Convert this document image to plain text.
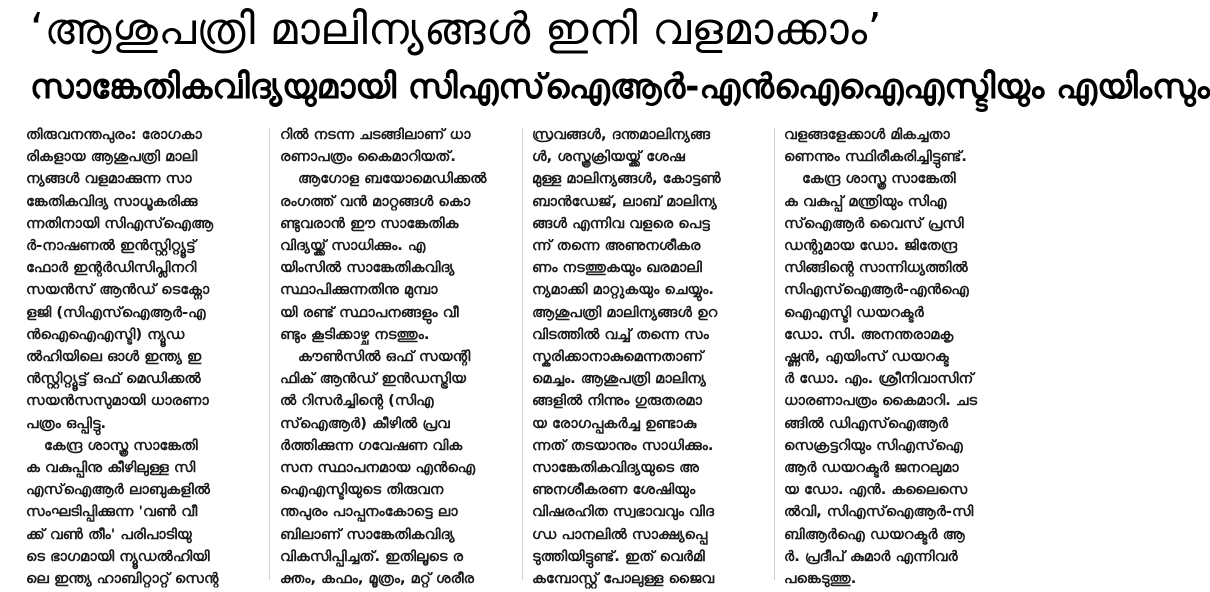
‘ആശുപത്രി മാലിന്യങ്ങൾ ഇനി വളമാക്കാം’
സാങ്കേതികവിദ്യയുമായി സിഎസ്ഐആർ-എൻഐഐഎസ്ടിയും എയിംസും
തിരുവനന്തപുരം: രോഗകാ
രികളായ ആശുപത്രി മാലി
ന്യങ്ങൾ വളമാക്കുന്ന സാ
ങ്കേതികവിദ്യ സാധൂകരിക്കു
ന്നതിനായി സിഎസ്ഐആ
ർ-നാഷണൽ ഇൻസ്റ്റിറ്റ്യൂട്ട്
ഫോർ ഇന്റർഡിസിപ്ലിനറി
സയൻസ് ആൻഡ് ടെക്നോ
ളജി (സിഎസ്ഐആർ-എ
ൻഐഐഎസ്ടി) ന്യൂഡ
ൽഹിയിലെ ഓൾ ഇന്ത്യ ഇ
ൻസ്റ്റിറ്റ്യൂട്ട് ഒഫ് മെഡിക്കൽ
സയൻസസുമായി ധാരണാ
പത്രം ഒപ്പിട്ടു.
കേന്ദ്ര ശാസ്ത്ര സാങ്കേതി
ക വകുപ്പിനു കീഴിലുള്ള സി
എസ്ഐആർ ലാബുകളിൽ
സംഘടിപ്പിക്കുന്ന 'വൺ വീ
ക്ക് വൺ തീം' പരിപാടിയു
ടെ ഭാഗമായി ന്യൂഡൽഹിയി
ലെ ഇന്ത്യ ഹാബിറ്റാറ്റ് സെന്റ
റിൽ നടന്ന ചടങ്ങിലാണ് ധാ
രണാപത്രം കൈമാറിയത്.
ആഗോള ബയോമെഡിക്കൽ
രംഗത്ത് വൻ മാറ്റങ്ങൾ കൊ
ണ്ടുവരാൻ ഈ സാങ്കേതിക
വിദ്യയ്ക്ക് സാധിക്കും. എ
യിംസിൽ സാങ്കേതികവിദ്യ
സ്ഥാപിക്കുന്നതിനു മുമ്പാ
യി രണ്ട് സ്ഥാപനങ്ങളും വീ
ണ്ടും കൂടിക്കാഴ്ച നടത്തും.
കൗൺസിൽ ഒഫ് സയന്റി
ഫിക് ആൻഡ് ഇൻഡസ്ട്രിയ
ൽ റിസർച്ചിന്റെ (സിഎ
സ്ഐആർ) കീഴിൽ പ്രവ
ർത്തിക്കുന്ന ഗവേഷണ വിക
സന സ്ഥാപനമായ എൻഐ
ഐഎസ്ടിയുടെ തിരുവന
ന്തപുരം പാപ്പനംകോട്ടെ ലാ
ബിലാണ് സാങ്കേതികവിദ്യ
വികസിപ്പിച്ചത്. ഇതിലൂടെ ര
ക്തം, കഫം, മൂത്രം, മറ്റ് ശരീര
സ്രവങ്ങൾ, ദന്തമാലിന്യങ്ങ
ൾ, ശസ്ത്രക്രിയയ്ക്ക് ശേഷ
മുള്ള മാലിന്യങ്ങൾ, കോട്ടൺ
ബാൻഡേജ്, ലാബ് മാലിന്യ
ങ്ങൾ എന്നിവ വളരെ പെട്ട
ന്ന് തന്നെ അണുനശീകര
ണം നടത്തുകയും ഖരമാലി
ന്യമാക്കി മാറ്റുകയും ചെയ്യും.
ആശുപത്രി മാലിന്യങ്ങൾ ഉറ
വിടത്തിൽ വച്ച് തന്നെ സം
സ്കരിക്കാനാകുമെന്നതാണ്
മെച്ചം. ആശുപത്രി മാലിന്യ
ങ്ങളിൽ നിന്നും ഗുരുതരമാ
യ രോഗപ്പകർച്ച ഉണ്ടാകു
ന്നത് തടയാനും സാധിക്കും.
സാങ്കേതികവിദ്യയുടെ അ
ണുനശീകരണ ശേഷിയും
വിഷരഹിത സ്വഭാവവും വിദ
ഗ്ധ പാനലിൽ സാക്ഷ്യപ്പെ
ടുത്തിയിട്ടുണ്ട്. ഇത് വെർമി
കമ്പോസ്റ്റ് പോലുള്ള ജൈവ
വളങ്ങളേക്കാൾ മികച്ചതാ
ണെന്നും സ്ഥിരീകരിച്ചിട്ടുണ്ട്.
കേന്ദ്ര ശാസ്ത്ര സാങ്കേതി
ക വകുപ്പ് മന്ത്രിയും സിഎ
സ്ഐആർ വൈസ് പ്രസി
ഡന്റുമായ ഡോ. ജിതേന്ദ്ര
സിങ്ങിന്റെ സാന്നിധ്യത്തിൽ
സിഎസ്ഐആർ-എൻഐ
ഐഎസ്ടി ഡയറക്ടർ
ഡോ. സി. അനന്തരാമകൃ
ഷ്ണൻ, എയിംസ് ഡയറക്ട
ർ ഡോ. എം. ശ്രീനിവാസിന്
ധാരണാപത്രം കൈമാറി. ചട
ങ്ങിൽ ഡിഎസ്ഐആർ
സെക്രട്ടറിയും സിഎസ്ഐ
ആർ ഡയറക്ടർ ജനറലുമാ
യ ഡോ. എൻ. കലൈസെ
ൽവി, സിഎസ്ഐആർ-സി
ബിആർഐ ഡയറക്ടർ ആ
ർ. പ്രദീപ് കുമാർ എന്നിവർ
പങ്കെടുത്തു.
